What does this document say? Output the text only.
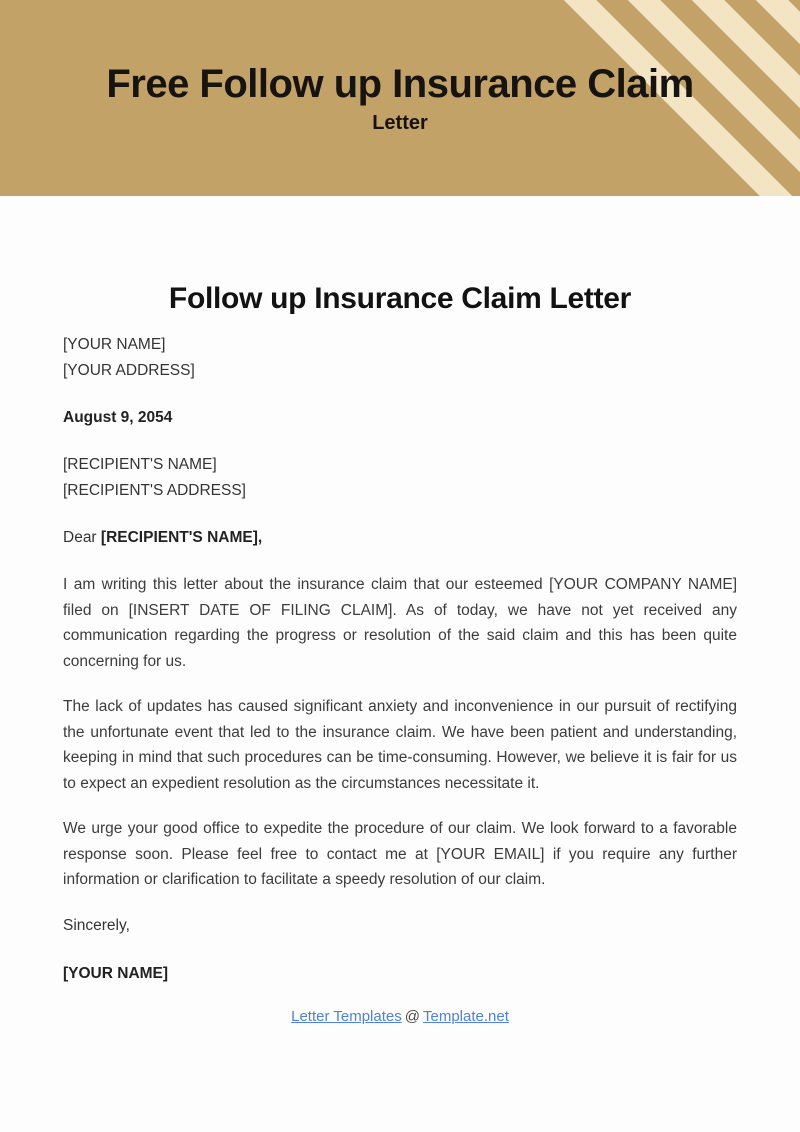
Free Follow up Insurance Claim
Letter
Follow up Insurance Claim Letter

[YOUR NAME]
[YOUR ADDRESS]

August 9, 2054

[RECIPIENT'S NAME]
[RECIPIENT'S ADDRESS]

Dear [RECIPIENT'S NAME],

I am writing this letter about the insurance claim that our esteemed [YOUR COMPANY NAME] filed on [INSERT DATE OF FILING CLAIM]. As of today, we have not yet received any communication regarding the progress or resolution of the said claim and this has been quite concerning for us.

The lack of updates has caused significant anxiety and inconvenience in our pursuit of rectifying the unfortunate event that led to the insurance claim. We have been patient and understanding, keeping in mind that such procedures can be time-consuming. However, we believe it is fair for us to expect an expedient resolution as the circumstances necessitate it.

We urge your good office to expedite the procedure of our claim. We look forward to a favorable response soon. Please feel free to contact me at [YOUR EMAIL] if you require any further information or clarification to facilitate a speedy resolution of our claim.

Sincerely,

[YOUR NAME]

Letter Templates @ Template.net
